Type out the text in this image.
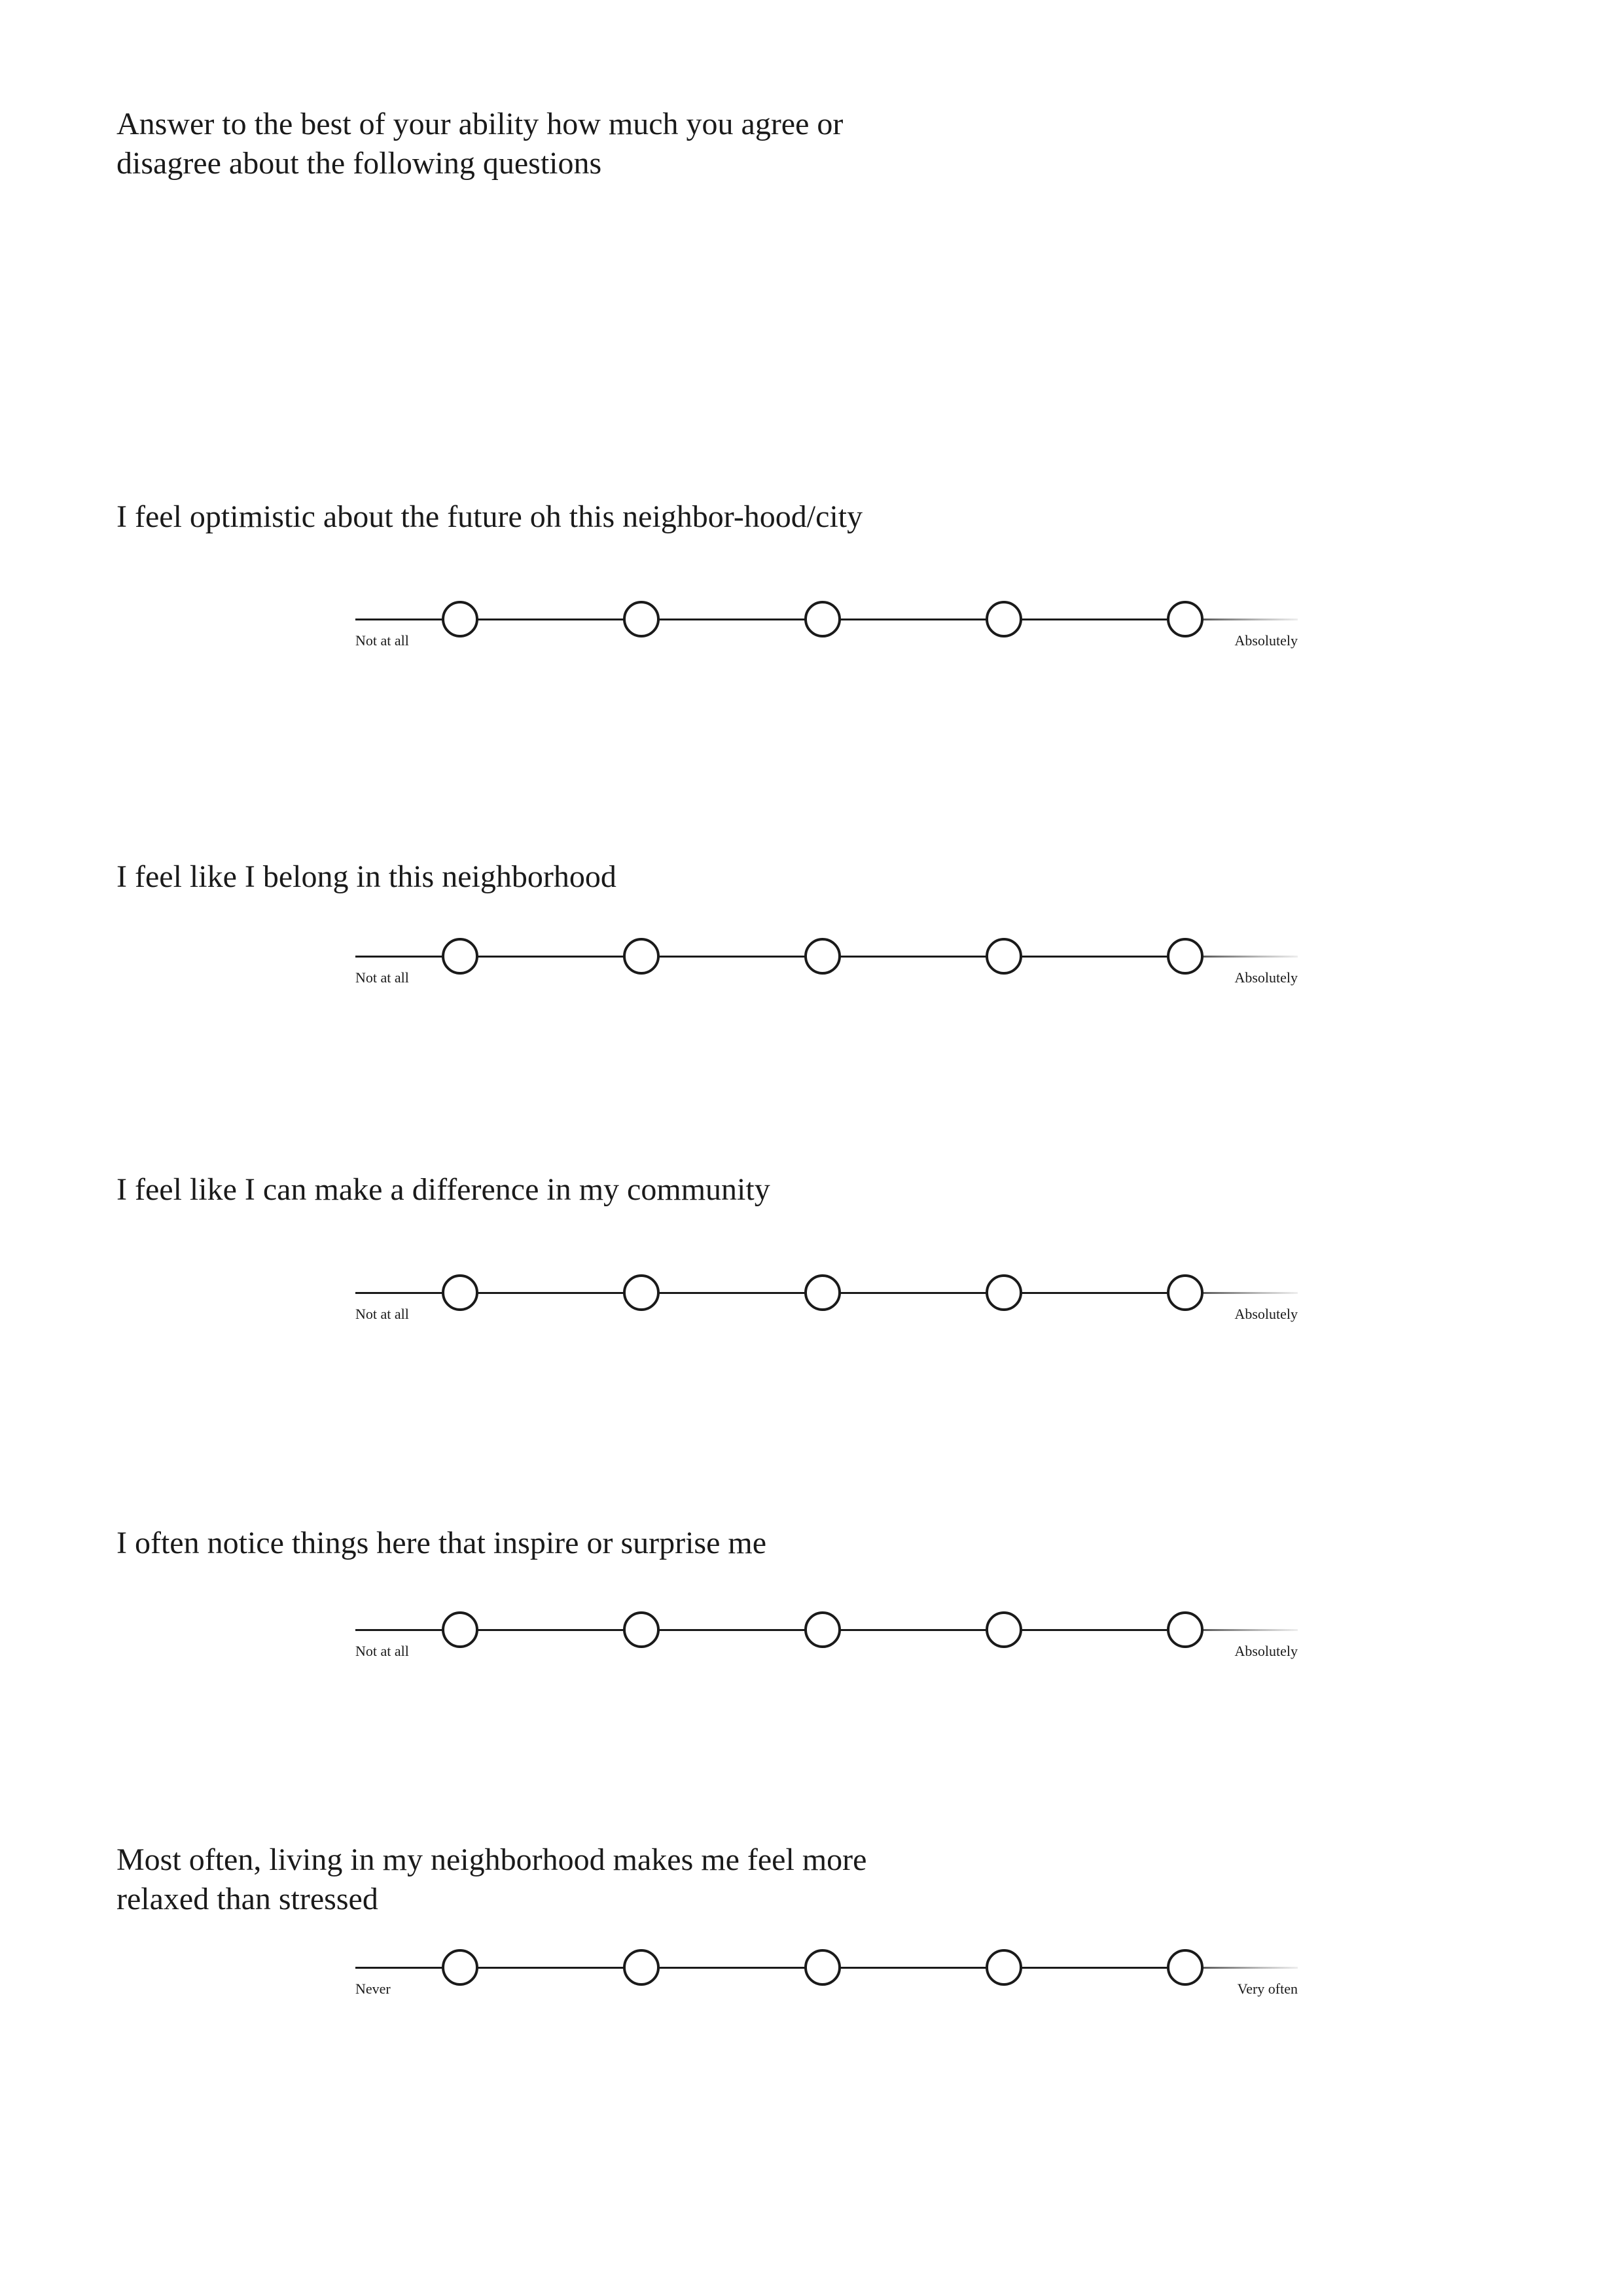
Answer to the best of your ability how much you agree or disagree about the following questions

I feel optimistic about the future oh this neighbor-hood/city

Not at all	Absolutely

I feel like I belong in this neighborhood

Not at all	Absolutely

I feel like I can make a difference in my community

Not at all	Absolutely

I often notice things here that inspire or surprise me

Not at all	Absolutely

Most often, living in my neighborhood makes me feel more relaxed than stressed

Never	Very often
